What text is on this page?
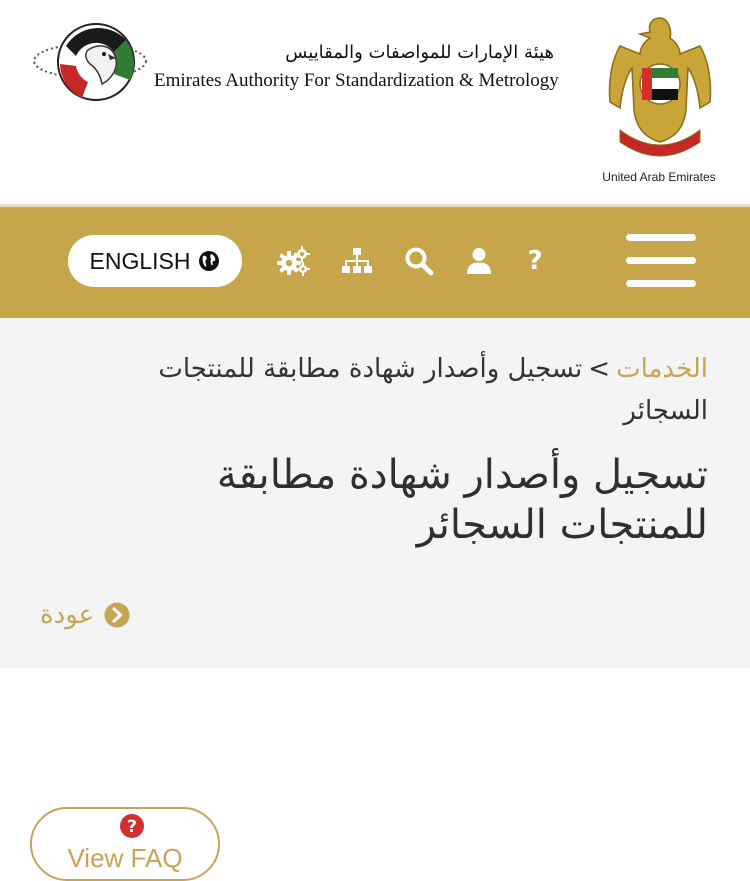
هيئة الإمارات للمواصفات والمقاييس
Emirates Authority For Standardization & Metrology
United Arab Emirates
ENGLISH	?
الخدمات>تسجيل وأصدار شهادة مطابقة للمنتجات السجائر
تسجيل وأصدار شهادة مطابقة للمنتجات السجائر
عودة
?
View FAQ
